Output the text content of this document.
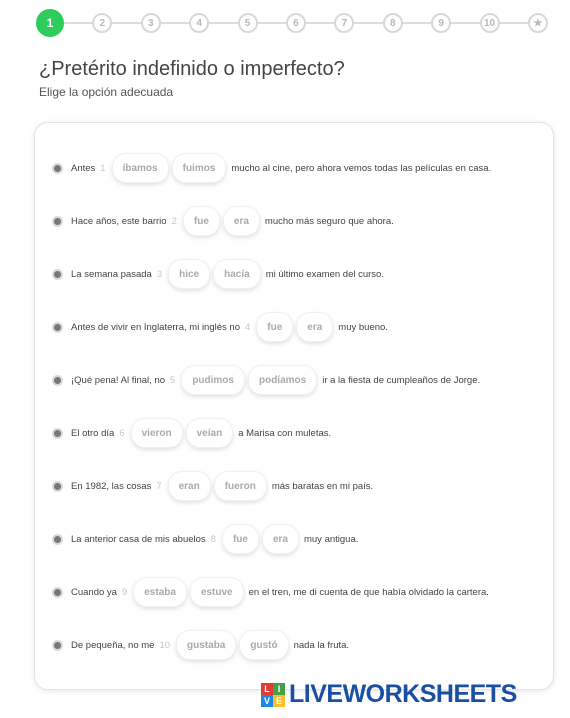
1	2	3	4	5	6	7	8	9	10	★
¿Pretérito indefinido o imperfecto?

Elige la opción adecuada

Antes 1	íbamos	fuimos	mucho al cine, pero ahora vemos todas las películas en casa.
Hace años, este barrio 2	fue	era	mucho más seguro que ahora.
La semana pasada 3	hice	hacía	mi último examen del curso.
Antes de vivir en Inglaterra, mi inglés no 4	fue	era	muy bueno.
¡Qué pena! Al final, no 5	pudimos	podíamos	ir a la fiesta de cumpleaños de Jorge.
El otro día 6	vieron	veían	a Marisa con muletas.
En 1982, las cosas 7	eran	fueron	más baratas en mi país.
La anterior casa de mis abuelos 8	fue	era	muy antigua.
Cuando ya 9	estaba	estuve	en el tren, me di cuenta de que había olvidado la cartera.
De pequeña, no me 10	gustaba	gustó	nada la fruta.
L I
V E LIVEWORKSHEETS
